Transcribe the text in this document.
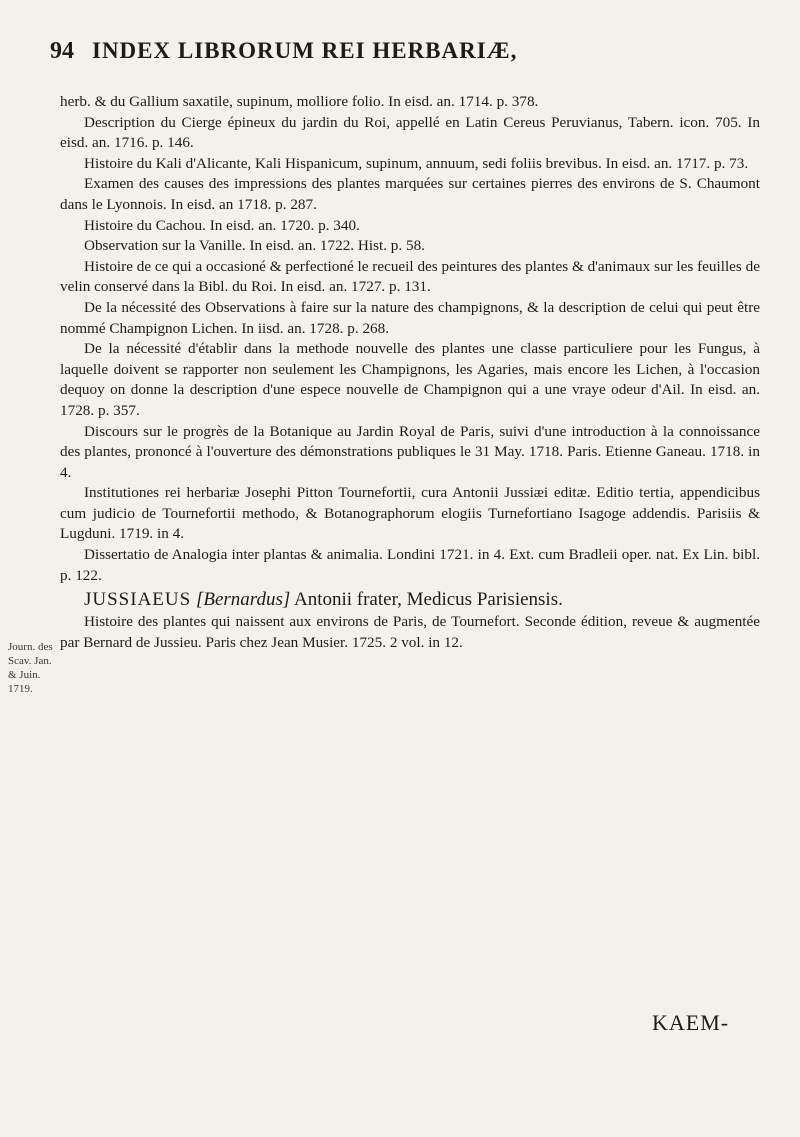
94 INDEX LIBRORUM REI HERBARIÆ,
Journ. des
Scav. Jan.
& Juin.
1719.

herb. & du Gallium saxatile, supinum, molliore folio. In eisd. an. 1714. p. 378.

Description du Cierge épineux du jardin du Roi, appellé en Latin Cereus Peruvianus, Tabern. icon. 705. In eisd. an. 1716. p. 146.

Histoire du Kali d'Alicante, Kali Hispanicum, supinum, annuum, sedi foliis brevibus. In eisd. an. 1717. p. 73.

Examen des causes des impressions des plantes marquées sur certaines pierres des environs de S. Chaumont dans le Lyonnois. In eisd. an 1718. p. 287.

Histoire du Cachou. In eisd. an. 1720. p. 340.

Observation sur la Vanille. In eisd. an. 1722. Hist. p. 58.

Histoire de ce qui a occasioné & perfectioné le recueil des peintures des plantes & d'animaux sur les feuilles de velin conservé dans la Bibl. du Roi. In eisd. an. 1727. p. 131.

De la nécessité des Observations à faire sur la nature des champignons, & la description de celui qui peut être nommé Champignon Lichen. In iisd. an. 1728. p. 268.

De la nécessité d'établir dans la methode nouvelle des plantes une classe particuliere pour les Fungus, à laquelle doivent se rapporter non seulement les Champignons, les Agaries, mais encore les Lichen, à l'occasion dequoy on donne la description d'une espece nouvelle de Champignon qui a une vraye odeur d'Ail. In eisd. an. 1728. p. 357.

Discours sur le progrès de la Botanique au Jardin Royal de Paris, suivi d'une introduction à la connoissance des plantes, prononcé à l'ouverture des démonstrations publiques le 31 May. 1718. Paris. Etienne Ganeau. 1718. in 4.

Institutiones rei herbariæ Josephi Pitton Tournefortii, cura Antonii Jussiæi editæ. Editio tertia, appendicibus cum judicio de Tournefortii methodo, & Botanographorum elogiis Turnefortiano Isagoge addendis. Parisiis & Lugduni. 1719. in 4.

Dissertatio de Analogia inter plantas & animalia. Londini 1721. in 4. Ext. cum Bradleii oper. nat. Ex Lin. bibl. p. 122.

JUSSIAEUS [Bernardus] Antonii frater, Medicus Parisiensis.

Histoire des plantes qui naissent aux environs de Paris, de Tournefort. Seconde édition, reveue & augmentée par Bernard de Jussieu. Paris chez Jean Musier. 1725. 2 vol. in 12.

KAEM-
